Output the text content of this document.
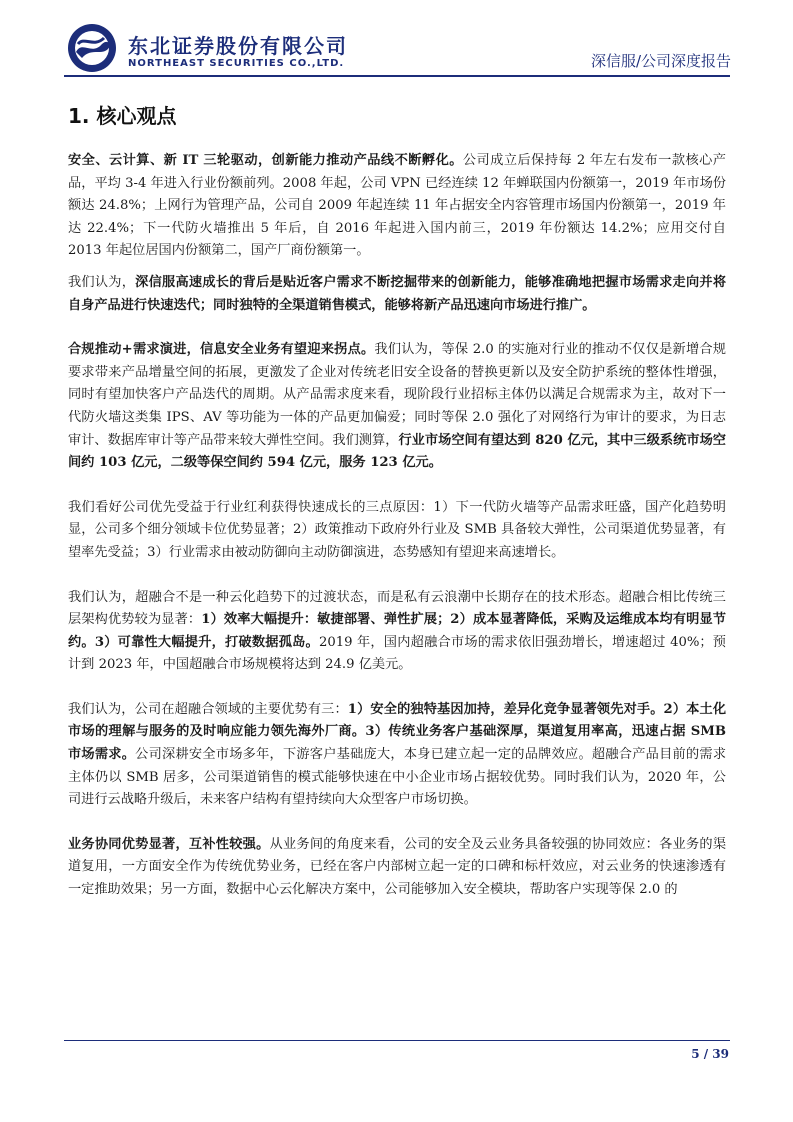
东北证券股份有限公司
NORTHEAST SECURITIES CO.,LTD.	深信服/公司深度报告
1. 核心观点

安全、云计算、新 IT 三轮驱动，创新能力推动产品线不断孵化。公司成立后保持每 2 年左右发布一款核心产品，平均 3-4 年进入行业份额前列。2008 年起，公司 VPN 已经连续 12 年蝉联国内份额第一，2019 年市场份额达 24.8%；上网行为管理产品，公司自 2009 年起连续 11 年占据安全内容管理市场国内份额第一，2019 年达 22.4%；下一代防火墙推出 5 年后，自 2016 年起进入国内前三，2019 年份额达 14.2%；应用交付自 2013 年起位居国内份额第二，国产厂商份额第一。

我们认为，深信服高速成长的背后是贴近客户需求不断挖掘带来的创新能力，能够准确地把握市场需求走向并将自身产品进行快速迭代；同时独特的全渠道销售模式，能够将新产品迅速向市场进行推广。

合规推动+需求演进，信息安全业务有望迎来拐点。我们认为，等保 2.0 的实施对行业的推动不仅仅是新增合规要求带来产品增量空间的拓展，更激发了企业对传统老旧安全设备的替换更新以及安全防护系统的整体性增强，同时有望加快客户产品迭代的周期。从产品需求度来看，现阶段行业招标主体仍以满足合规需求为主，故对下一代防火墙这类集 IPS、AV 等功能为一体的产品更加偏爱；同时等保 2.0 强化了对网络行为审计的要求，为日志审计、数据库审计等产品带来较大弹性空间。我们测算，行业市场空间有望达到 820 亿元，其中三级系统市场空间约 103 亿元，二级等保空间约 594 亿元，服务 123 亿元。

我们看好公司优先受益于行业红利获得快速成长的三点原因：1）下一代防火墙等产品需求旺盛，国产化趋势明显，公司多个细分领域卡位优势显著；2）政策推动下政府外行业及 SMB 具备较大弹性，公司渠道优势显著，有望率先受益；3）行业需求由被动防御向主动防御演进，态势感知有望迎来高速增长。

我们认为，超融合不是一种云化趋势下的过渡状态，而是私有云浪潮中长期存在的技术形态。超融合相比传统三层架构优势较为显著：1）效率大幅提升：敏捷部署、弹性扩展；2）成本显著降低，采购及运维成本均有明显节约。3）可靠性大幅提升，打破数据孤岛。2019 年，国内超融合市场的需求依旧强劲增长，增速超过 40%；预计到 2023 年，中国超融合市场规模将达到 24.9 亿美元。

我们认为，公司在超融合领域的主要优势有三：1）安全的独特基因加持，差异化竞争显著领先对手。2）本土化市场的理解与服务的及时响应能力领先海外厂商。3）传统业务客户基础深厚，渠道复用率高，迅速占据 SMB 市场需求。公司深耕安全市场多年，下游客户基础庞大，本身已建立起一定的品牌效应。超融合产品目前的需求主体仍以 SMB 居多，公司渠道销售的模式能够快速在中小企业市场占据较优势。同时我们认为，2020 年，公司进行云战略升级后，未来客户结构有望持续向大众型客户市场切换。

业务协同优势显著，互补性较强。从业务间的角度来看，公司的安全及云业务具备较强的协同效应：各业务的渠道复用，一方面安全作为传统优势业务，已经在客户内部树立起一定的口碑和标杆效应，对云业务的快速渗透有一定推助效果；另一方面，数据中心云化解决方案中，公司能够加入安全模块，帮助客户实现等保 2.0 的

5 / 39
